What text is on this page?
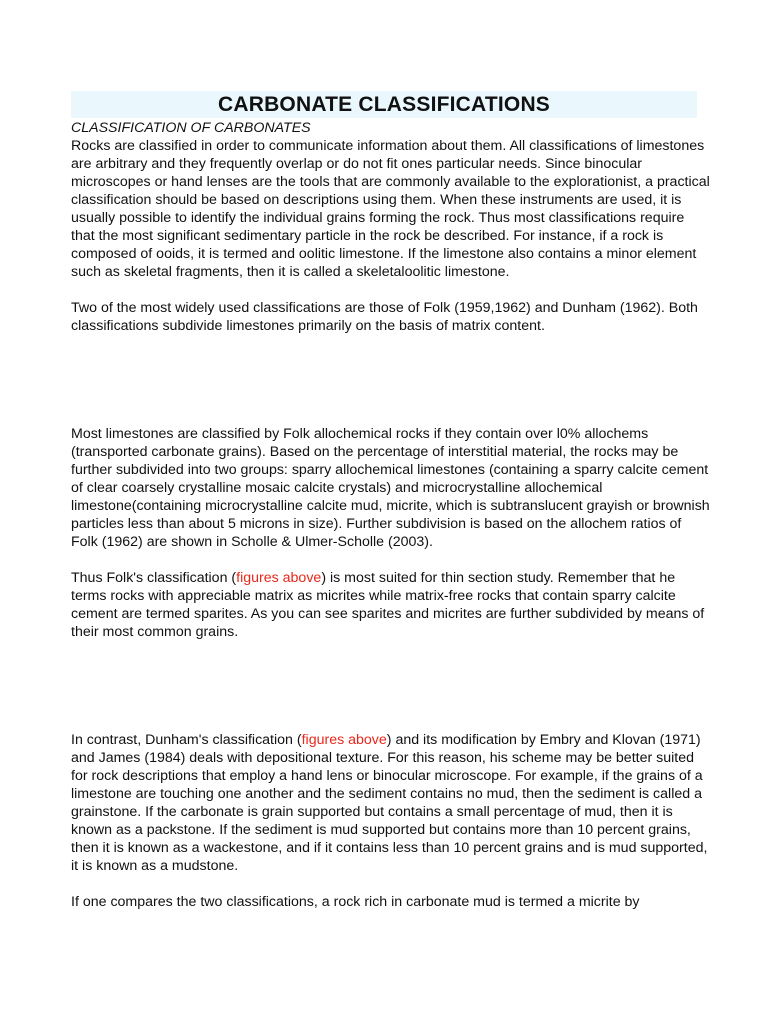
CARBONATE CLASSIFICATIONS

CLASSIFICATION OF CARBONATES

Rocks are classified in order to communicate information about them. All classifications of limestones are arbitrary and they frequently overlap or do not fit ones particular needs. Since binocular microscopes or hand lenses are the tools that are commonly available to the explorationist, a practical classification should be based on descriptions using them. When these instruments are used, it is usually possible to identify the individual grains forming the rock. Thus most classifications require that the most significant sedimentary particle in the rock be described. For instance, if a rock is composed of ooids, it is termed and oolitic limestone. If the limestone also contains a minor element such as skeletal fragments, then it is called a skeletaloolitic limestone.

Two of the most widely used classifications are those of Folk (1959,1962) and Dunham (1962). Both classifications subdivide limestones primarily on the basis of matrix content.

Most limestones are classified by Folk allochemical rocks if they contain over l0% allochems (transported carbonate grains). Based on the percentage of interstitial material, the rocks may be further subdivided into two groups: sparry allochemical limestones (containing a sparry calcite cement of clear coarsely crystalline mosaic calcite crystals) and microcrystalline allochemical limestone(containing microcrystalline calcite mud, micrite, which is subtranslucent grayish or brownish particles less than about 5 microns in size). Further subdivision is based on the allochem ratios of Folk (1962) are shown in Scholle & Ulmer-Scholle (2003).

Thus Folk's classification (figures above) is most suited for thin section study. Remember that he terms rocks with appreciable matrix as micrites while matrix-free rocks that contain sparry calcite cement are termed sparites. As you can see sparites and micrites are further subdivided by means of their most common grains.

In contrast, Dunham's classification (figures above) and its modification by Embry and Klovan (1971) and James (1984) deals with depositional texture. For this reason, his scheme may be better suited for rock descriptions that employ a hand lens or binocular microscope. For example, if the grains of a limestone are touching one another and the sediment contains no mud, then the sediment is called a grainstone. If the carbonate is grain supported but contains a small percentage of mud, then it is known as a packstone. If the sediment is mud supported but contains more than 10 percent grains, then it is known as a wackestone, and if it contains less than 10 percent grains and is mud supported, it is known as a mudstone.

If one compares the two classifications, a rock rich in carbonate mud is termed a micrite by
